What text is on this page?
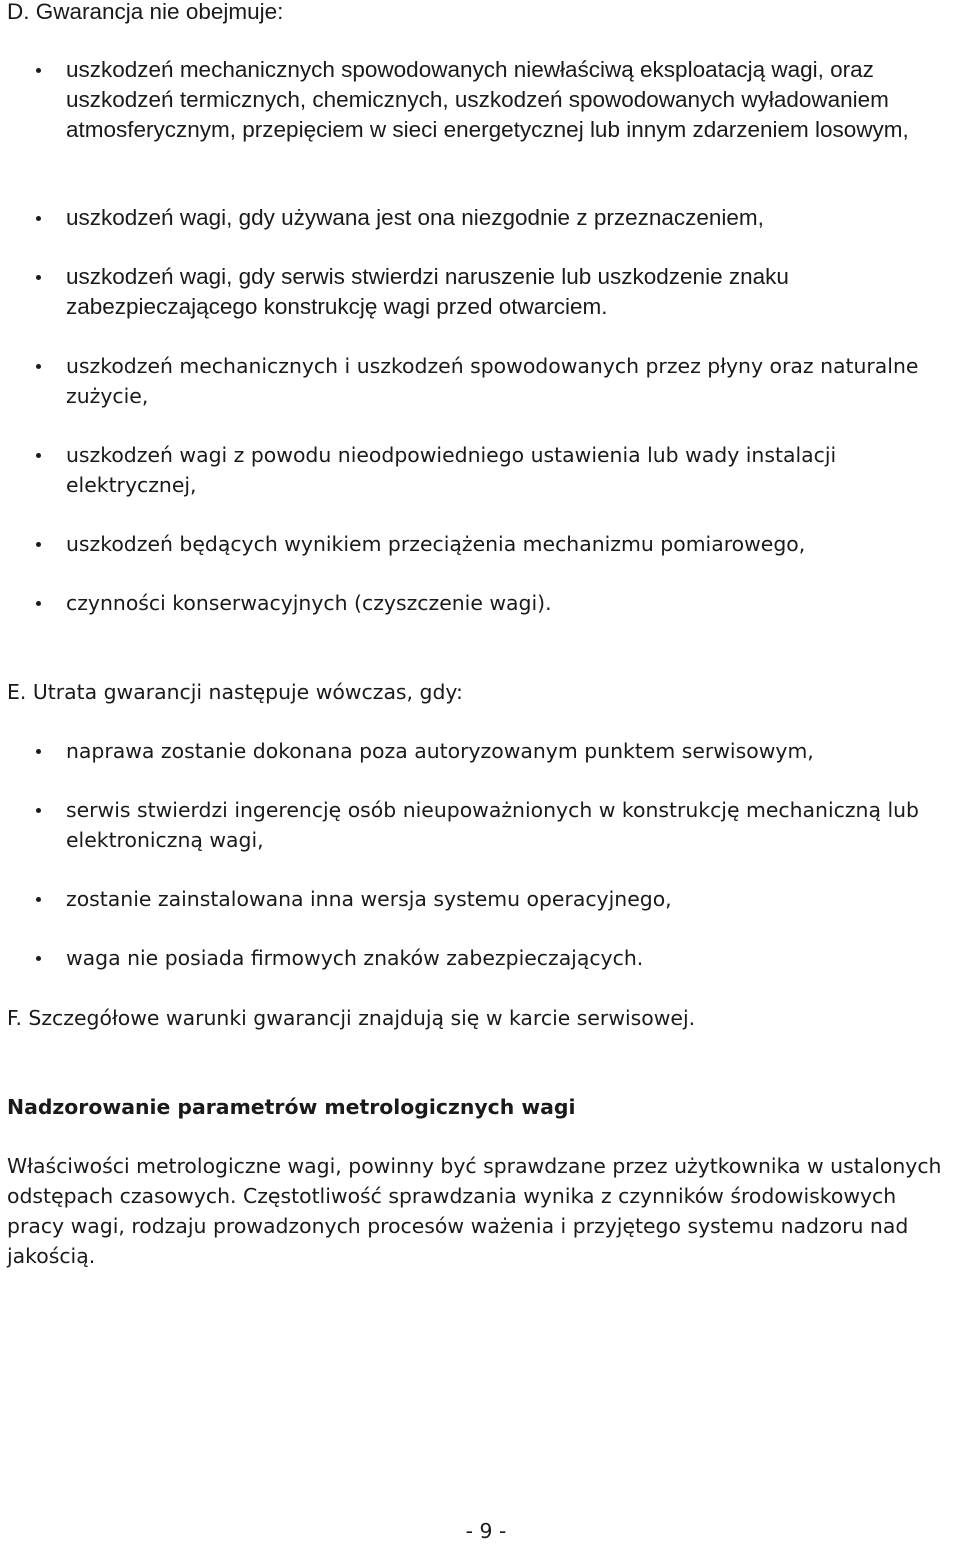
D. Gwarancja nie obejmuje:
uszkodzeń mechanicznych spowodowanych niewłaściwą eksploatacją wagi, oraz uszkodzeń termicznych, chemicznych, uszkodzeń spowodowanych wyładowaniem atmosferycznym, przepięciem w sieci energetycznej lub innym zdarzeniem losowym,
uszkodzeń wagi, gdy używana jest ona niezgodnie z przeznaczeniem,
uszkodzeń wagi, gdy serwis stwierdzi naruszenie lub uszkodzenie znaku zabezpieczającego konstrukcję wagi przed otwarciem.
uszkodzeń mechanicznych i uszkodzeń spowodowanych przez płyny oraz naturalne zużycie,
uszkodzeń wagi z powodu nieodpowiedniego ustawienia lub wady instalacji elektrycznej,
uszkodzeń będących wynikiem przeciążenia mechanizmu pomiarowego,
czynności konserwacyjnych (czyszczenie wagi).
E. Utrata gwarancji następuje wówczas, gdy:
naprawa zostanie dokonana poza autoryzowanym punktem serwisowym,
serwis stwierdzi ingerencję osób nieupoważnionych w konstrukcję mechaniczną lub elektroniczną wagi,
zostanie zainstalowana inna wersja systemu operacyjnego,
waga nie posiada firmowych znaków zabezpieczających.
F. Szczegółowe warunki gwarancji znajdują się w karcie serwisowej.
Nadzorowanie parametrów metrologicznych wagi
Właściwości metrologiczne wagi, powinny być sprawdzane przez użytkownika w ustalonych odstępach czasowych. Częstotliwość sprawdzania wynika z czynników środowiskowych pracy wagi, rodzaju prowadzonych procesów ważenia i przyjętego systemu nadzoru nad jakością.
- 9 -
